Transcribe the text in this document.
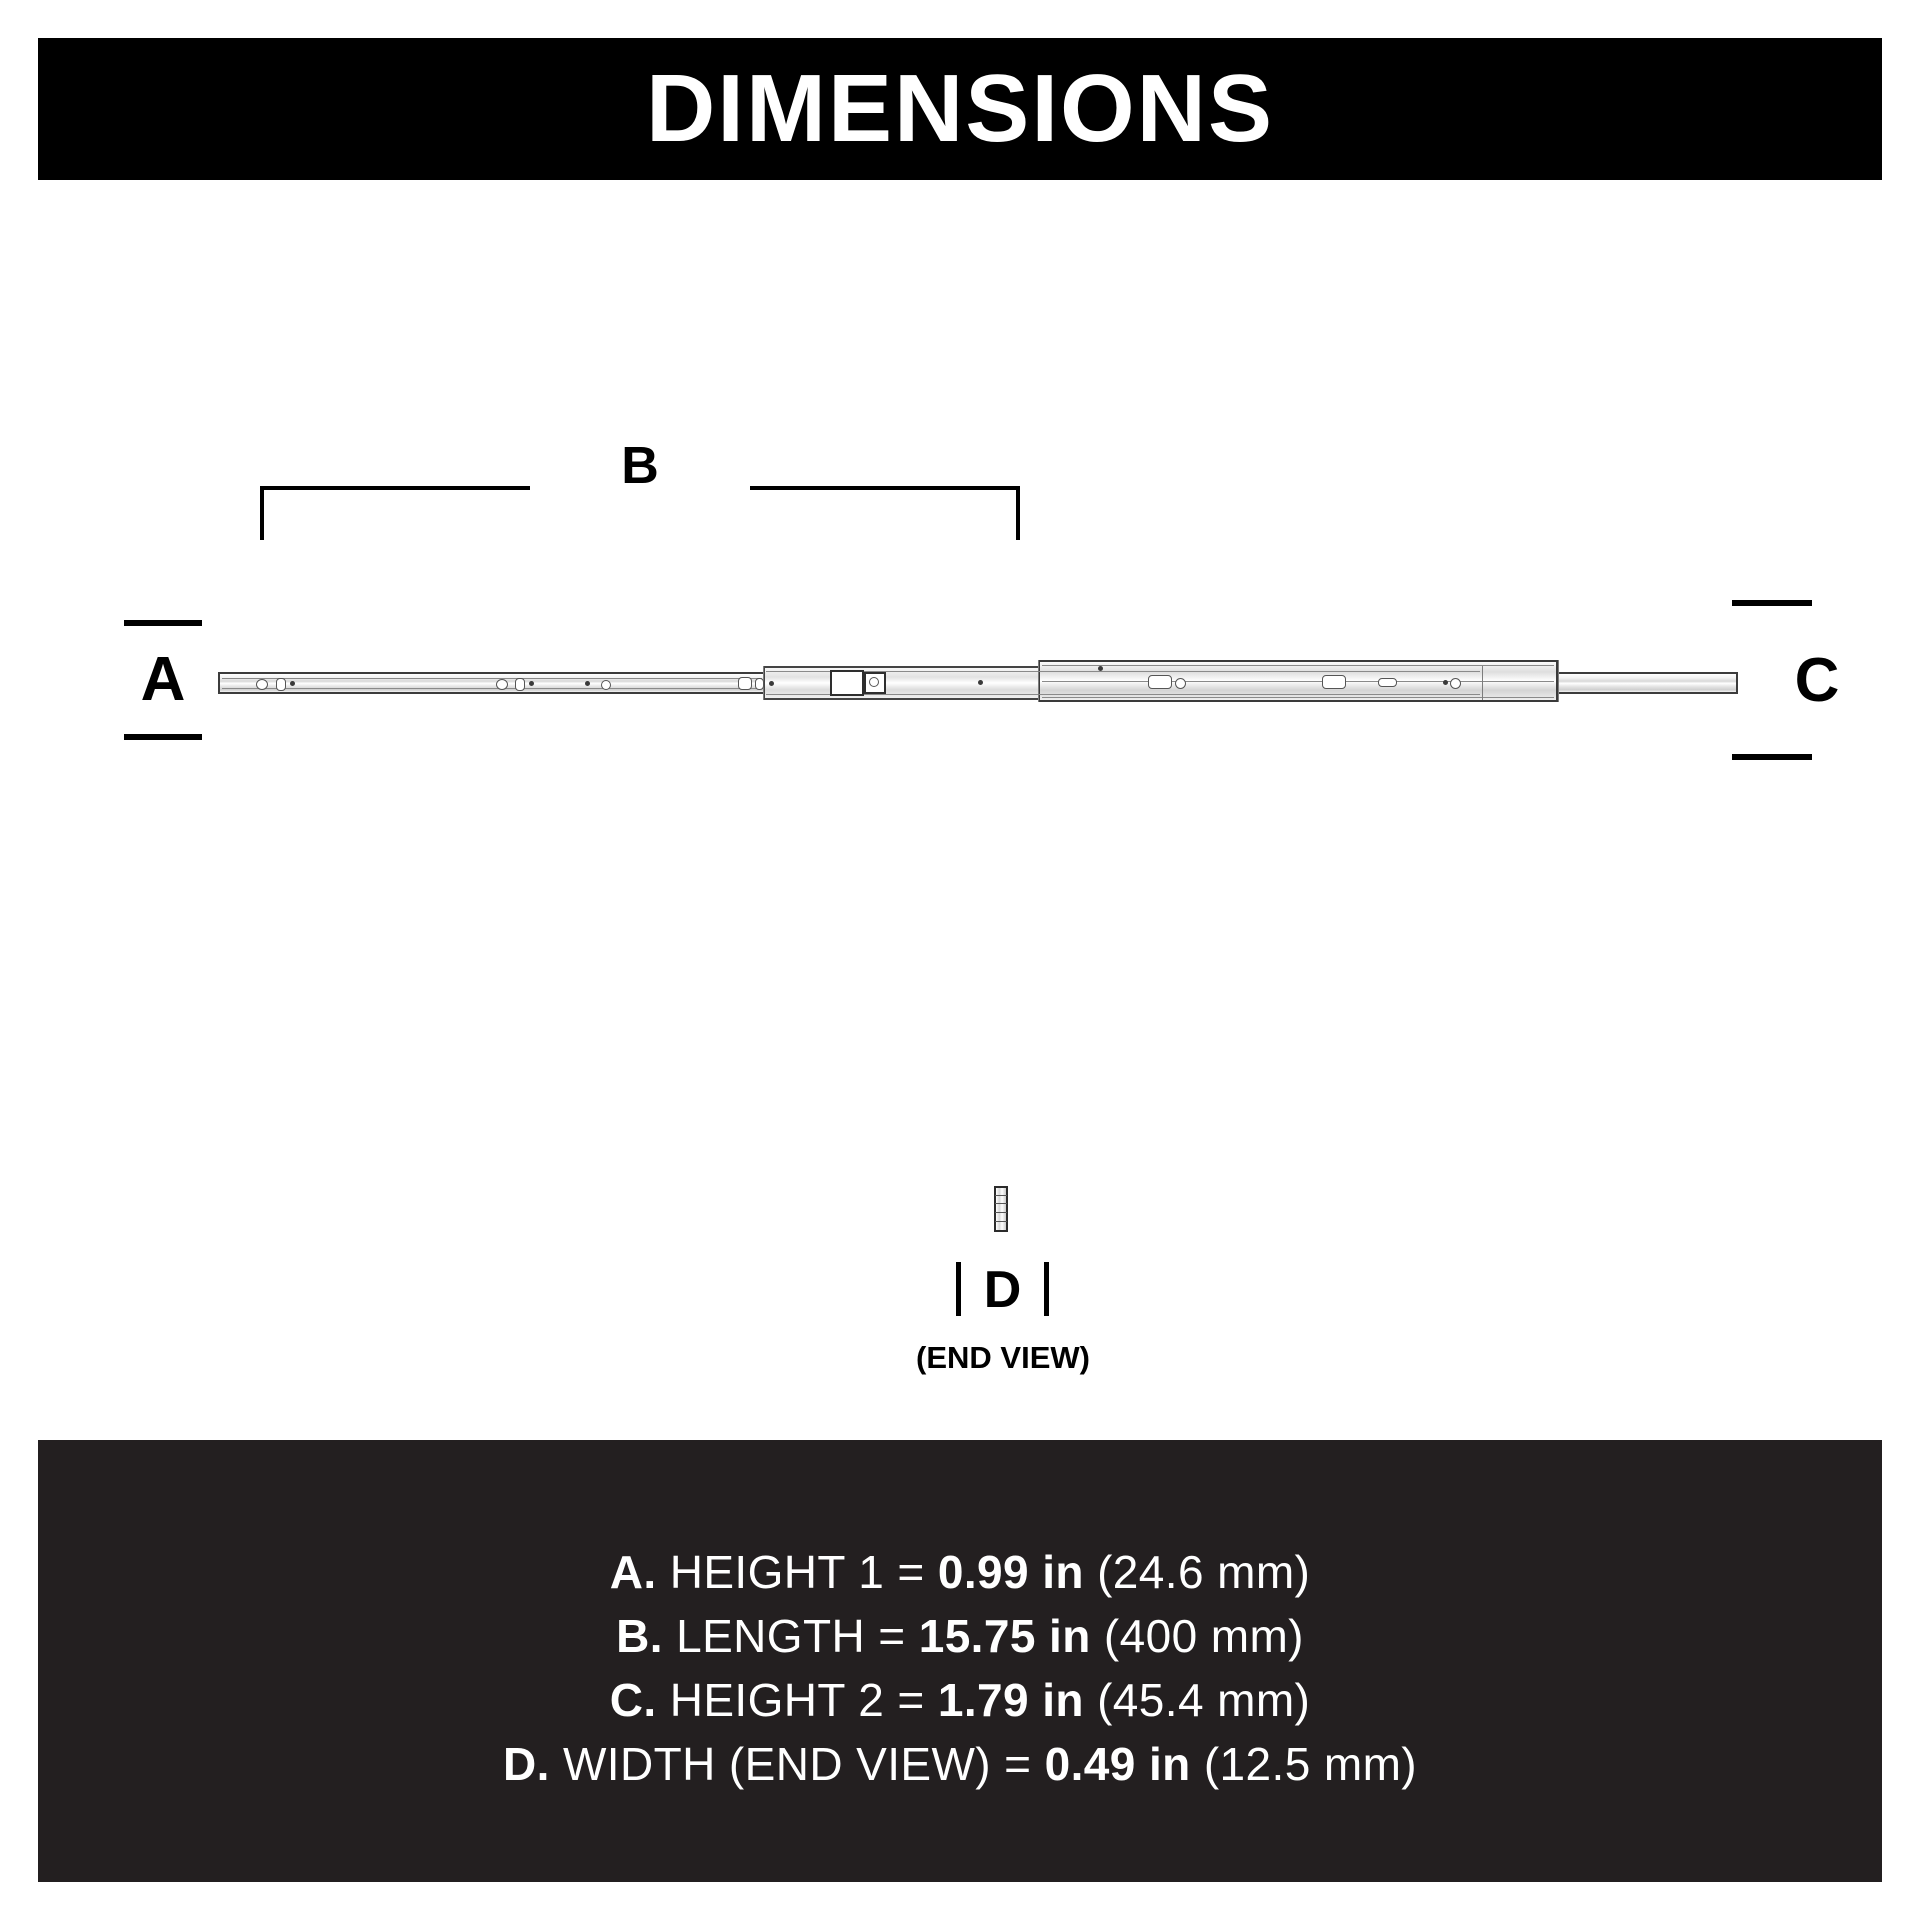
DIMENSIONS
B
A	C
D
(END VIEW)
A. HEIGHT 1 = 0.99 in (24.6 mm)
B. LENGTH = 15.75 in (400 mm)
C. HEIGHT 2 = 1.79 in (45.4 mm)
D. WIDTH (END VIEW) = 0.49 in (12.5 mm)
